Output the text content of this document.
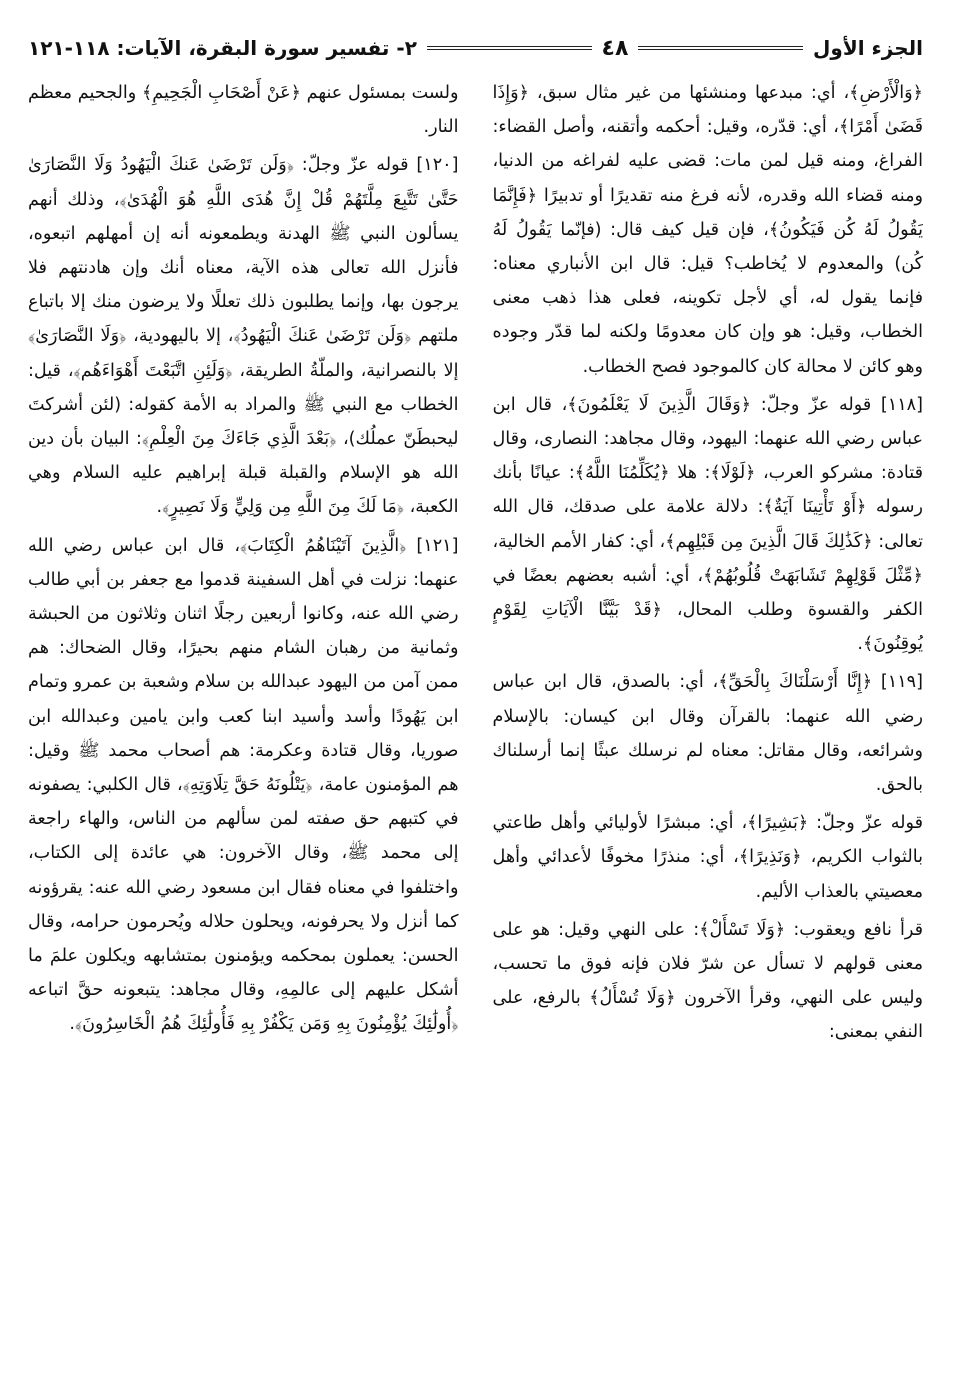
الجزء الأول
٤٨
٢- تفسير سورة البقرة، الآيات: ١١٨-١٢١

﴿وَالْأَرْضِ﴾، أي: مبدعها ومنشئها من غير مثال سبق، ﴿وَإِذَا قَضَىٰ أَمْرًا﴾، أي: قدّره، وقيل: أحكمه وأتقنه، وأصل القضاء: الفراغ، ومنه قيل لمن مات: قضى عليه لفراغه من الدنيا، ومنه قضاء الله وقدره، لأنه فرغ منه تقديرًا أو تدبيرًا ﴿فَإِنَّمَا يَقُولُ لَهُ كُن فَيَكُونُ﴾، فإن قيل كيف قال: (فإنّما يَقُولُ لَهُ كُن) والمعدوم لا يُخاطب؟ قيل: قال ابن الأنباري معناه: فإنما يقول له، أي لأجل تكوينه، فعلى هذا ذهب معنى الخطاب، وقيل: هو وإن كان معدومًا ولكنه لما قدّر وجوده وهو كائن لا محالة كان كالموجود فصح الخطاب.

[١١٨] قوله عزّ وجلّ: ﴿وَقَالَ الَّذِينَ لَا يَعْلَمُونَ﴾، قال ابن عباس رضي الله عنهما: اليهود، وقال مجاهد: النصارى، وقال قتادة: مشركو العرب، ﴿لَوْلَا﴾: هلا ﴿يُكَلِّمُنَا اللَّهُ﴾: عيانًا بأنك رسوله ﴿أَوْ تَأْتِينَا آيَةٌ﴾: دلالة علامة على صدقك، قال الله تعالى: ﴿كَذَٰلِكَ قَالَ الَّذِينَ مِن قَبْلِهِم﴾، أي: كفار الأمم الخالية، ﴿مِّثْلَ قَوْلِهِمْ تَشَابَهَتْ قُلُوبُهُمْ﴾، أي: أشبه بعضهم بعضًا في الكفر والقسوة وطلب المحال، ﴿قَدْ بَيَّنَّا الْآيَاتِ لِقَوْمٍ يُوقِنُونَ﴾.

[١١٩] ﴿إِنَّا أَرْسَلْنَاكَ بِالْحَقِّ﴾، أي: بالصدق، قال ابن عباس رضي الله عنهما: بالقرآن وقال ابن كيسان: بالإسلام وشرائعه، وقال مقاتل: معناه لم نرسلك عبثًا إنما أرسلناك بالحق.

قوله عزّ وجلّ: ﴿بَشِيرًا﴾، أي: مبشرًا لأوليائي وأهل طاعتي بالثواب الكريم، ﴿وَنَذِيرًا﴾، أي: منذرًا مخوفًا لأعدائي وأهل معصيتي بالعذاب الأليم.

قرأ نافع ويعقوب: ﴿وَلَا تَسْأَلْ﴾: على النهي وقيل: هو على معنى قولهم لا تسأل عن شرّ فلان فإنه فوق ما تحسب، وليس على النهي، وقرأ الآخرون ﴿وَلَا تُسْأَلُ﴾ بالرفع، على النفي بمعنى:

ولست بمسئول عنهم ﴿عَنْ أَصْحَابِ الْجَحِيمِ﴾ والجحيم معظم النار.

[١٢٠] قوله عزّ وجلّ: ﴿وَلَن تَرْضَىٰ عَنكَ الْيَهُودُ وَلَا النَّصَارَىٰ حَتَّىٰ تَتَّبِعَ مِلَّتَهُمْ قُلْ إِنَّ هُدَى اللَّهِ هُوَ الْهُدَىٰ﴾، وذلك أنهم يسألون النبي ﷺ الهدنة ويطمعونه أنه إن أمهلهم اتبعوه، فأنزل الله تعالى هذه الآية، معناه أنك وإن هادنتهم فلا يرجون بها، وإنما يطلبون ذلك تعللًا ولا يرضون منك إلا باتباع ملتهم ﴿وَلَن تَرْضَىٰ عَنكَ الْيَهُودُ﴾، إلا باليهودية، ﴿وَلَا النَّصَارَىٰ﴾ إلا بالنصرانية، والملّةُ الطريقة، ﴿وَلَئِنِ اتَّبَعْتَ أَهْوَاءَهُم﴾، قيل: الخطاب مع النبي ﷺ والمراد به الأمة كقوله: (لئن أشركتَ ليحبطَنّ عملُك)، ﴿بَعْدَ الَّذِي جَاءَكَ مِنَ الْعِلْمِ﴾: البيان بأن دين الله هو الإسلام والقبلة قبلة إبراهيم عليه السلام وهي الكعبة، ﴿مَا لَكَ مِنَ اللَّهِ مِن وَلِيٍّ وَلَا نَصِيرٍ﴾.

[١٢١] ﴿الَّذِينَ آتَيْنَاهُمُ الْكِتَابَ﴾، قال ابن عباس رضي الله عنهما: نزلت في أهل السفينة قدموا مع جعفر بن أبي طالب رضي الله عنه، وكانوا أربعين رجلًا اثنان وثلاثون من الحبشة وثمانية من رهبان الشام منهم بحيرًا، وقال الضحاك: هم ممن آمن من اليهود عبدالله بن سلام وشعبة بن عمرو وتمام ابن يَهُودًا وأسد وأسيد ابنا كعب وابن يامين وعبدالله ابن صوريا، وقال قتادة وعكرمة: هم أصحاب محمد ﷺ وقيل: هم المؤمنون عامة، ﴿يَتْلُونَهُ حَقَّ تِلَاوَتِهِ﴾، قال الكلبي: يصفونه في كتبهم حق صفته لمن سألهم من الناس، والهاء راجعة إلى محمد ﷺ، وقال الآخرون: هي عائدة إلى الكتاب، واختلفوا في معناه فقال ابن مسعود رضي الله عنه: يقرؤونه كما أنزل ولا يحرفونه، ويحلون حلاله ويُحرمون حرامه، وقال الحسن: يعملون بمحكمه ويؤمنون بمتشابهه ويكلون علمَ ما أشكل عليهم إلى عالمِهِ، وقال مجاهد: يتبعونه حقَّ اتباعه ﴿أُولَٰئِكَ يُؤْمِنُونَ بِهِ وَمَن يَكْفُرْ بِهِ فَأُولَٰئِكَ هُمُ الْخَاسِرُونَ﴾.
